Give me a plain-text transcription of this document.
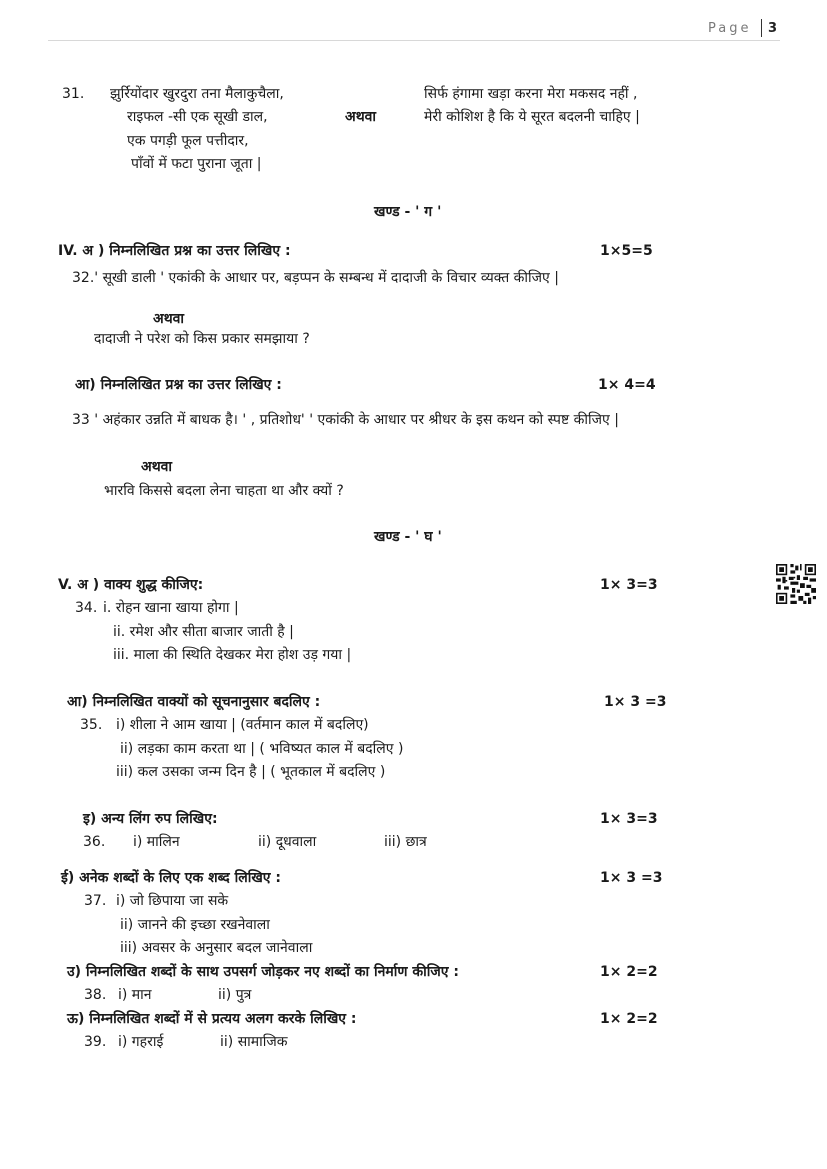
Page 3
31. झुर्रियोंदार खुरदुरा तना मैलाकुचैला,
राइफल -सी एक सूखी डाल,
एक पगड़ी फूल पत्तीदार,
पाँवों में फटा पुराना जूता |
अथवा
सिर्फ हंगामा खड़ा करना मेरा मकसद नहीं ,
मेरी कोशिश है कि ये सूरत बदलनी चाहिए |
खण्ड - ' ग '
IV. अ ) निम्नलिखित प्रश्न का उत्तर लिखिए :	1×5=5
32.' सूखी डाली ' एकांकी के आधार पर, बड़प्पन के सम्बन्ध में दादाजी के विचार व्यक्त कीजिए |
अथवा
दादाजी ने परेश को किस प्रकार समझाया ?
आ) निम्नलिखित प्रश्न का उत्तर लिखिए :	1× 4=4
33 ' अहंकार उन्नति में बाधक है। ' , प्रतिशोध' ' एकांकी के आधार पर श्रीधर के इस कथन को स्पष्ट कीजिए |
अथवा
भारवि किससे बदला लेना चाहता था और क्यों ?
खण्ड - ' घ '
V. अ ) वाक्य शुद्ध कीजिए:	1× 3=3
34. i. रोहन खाना खाया होगा |
ii. रमेश और सीता बाजार जाती है |
iii. माला की स्थिति देखकर मेरा होश उड़ गया |
आ) निम्नलिखित वाक्यों को सूचनानुसार बदलिए :	1× 3 =3
35. i) शीला ने आम खाया | (वर्तमान काल में बदलिए)
ii) लड़का काम करता था | ( भविष्यत काल में बदलिए )
iii) कल उसका जन्म दिन है | ( भूतकाल में बदलिए )
इ) अन्य लिंग रुप लिखिए:	1× 3=3
36. i) मालिन	ii) दूधवाला	iii) छात्र
ई) अनेक शब्दों के लिए एक शब्द लिखिए :	1× 3 =3
37. i) जो छिपाया जा सके
ii) जानने की इच्छा रखनेवाला
iii) अवसर के अनुसार बदल जानेवाला
उ) निम्नलिखित शब्दों के साथ उपसर्ग जोड़कर नए शब्दों का निर्माण कीजिए :	1× 2=2
38. i) मान	ii) पुत्र
ऊ) निम्नलिखित शब्दों में से प्रत्यय अलग करके लिखिए :	1× 2=2
39. i) गहराई	ii) सामाजिक
